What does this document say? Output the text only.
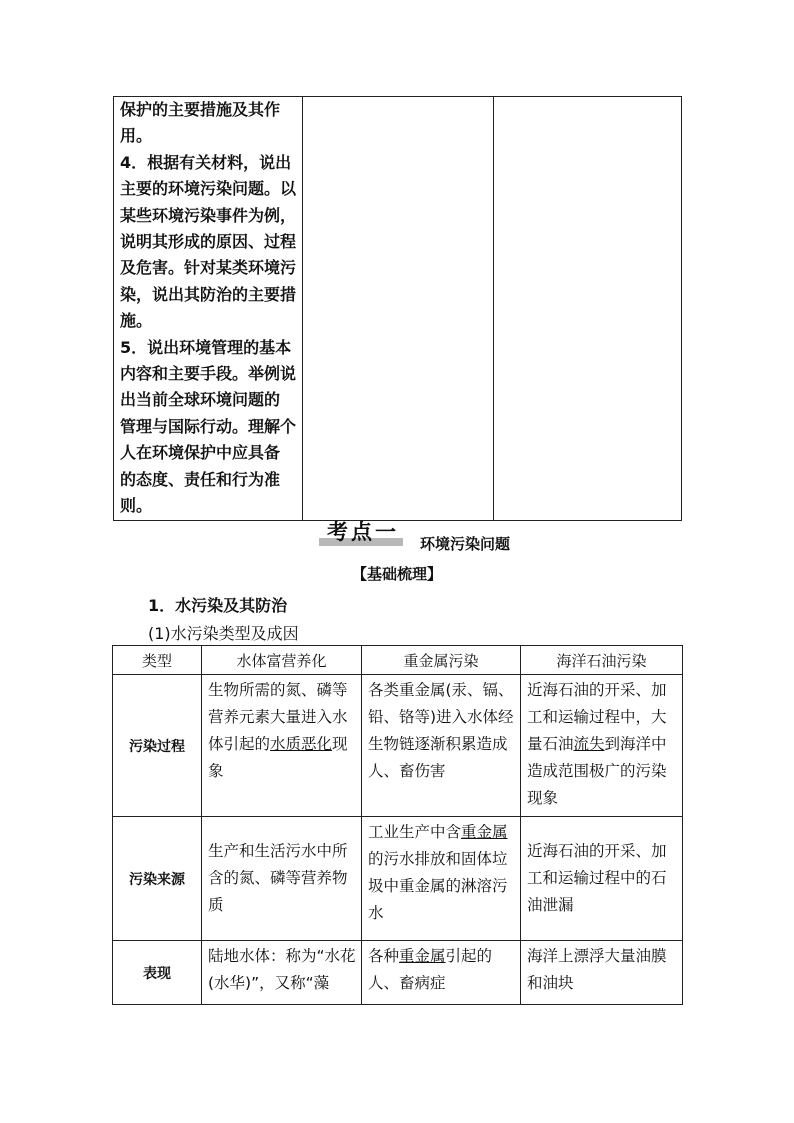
保护的主要措施及其作

用。

4．根据有关材料，说出

主要的环境污染问题。以

某些环境污染事件为例，

说明其形成的原因、过程

及危害。针对某类环境污

染，说出其防治的主要措

施。

5．说出环境管理的基本

内容和主要手段。举例说

出当前全球环境问题的

管理与国际行动。理解个

人在环境保护中应具备

的态度、责任和行为准则。

考点一 环境污染问题
【基础梳理】
1．水污染及其防治
(1)水污染类型及成因
类型	水体富营养化	重金属污染	海洋石油污染
污染过程	生物所需的氮、磷等营养元素大量进入水体引起的水质恶化现象	各类重金属(汞、镉、铅、铬等)进入水体经生物链逐渐积累造成人、畜伤害	近海石油的开采、加工和运输过程中，大量石油流失到海洋中造成范围极广的污染现象
污染来源	生产和生活污水中所含的氮、磷等营养物质	工业生产中含重金属的污水排放和固体垃圾中重金属的淋溶污水	近海石油的开采、加工和运输过程中的石油泄漏
表现	陆地水体：称为“水花(水华)”，又称“藻	各种重金属引起的人、畜病症	海洋上漂浮大量油膜和油块
